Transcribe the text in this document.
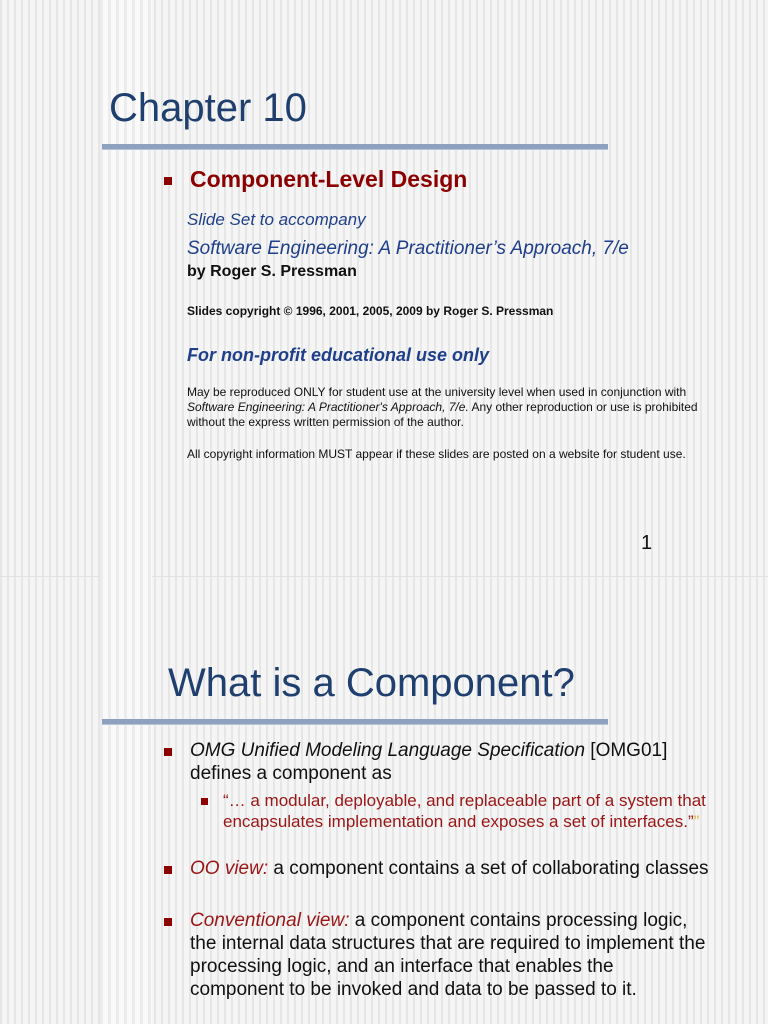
Chapter 10
Component-Level Design
Slide Set to accompany
Software Engineering: A Practitioner’s Approach, 7/e
by Roger S. Pressman
Slides copyright © 1996, 2001, 2005, 2009 by Roger S. Pressman
For non-profit educational use only
May be reproduced ONLY for student use at the university level when used in conjunction with Software Engineering: A Practitioner's Approach, 7/e. Any other reproduction or use is prohibited without the express written permission of the author.
All copyright information MUST appear if these slides are posted on a website for student use.
1
What is a Component?
OMG Unified Modeling Language Specification [OMG01]
defines a component as
“… a modular, deployable, and replaceable part of a system that encapsulates implementation and exposes a set of interfaces.””
OO view: a component contains a set of collaborating classes
Conventional view: a component contains processing logic, the internal data structures that are required to implement the processing logic, and an interface that enables the component to be invoked and data to be passed to it.
